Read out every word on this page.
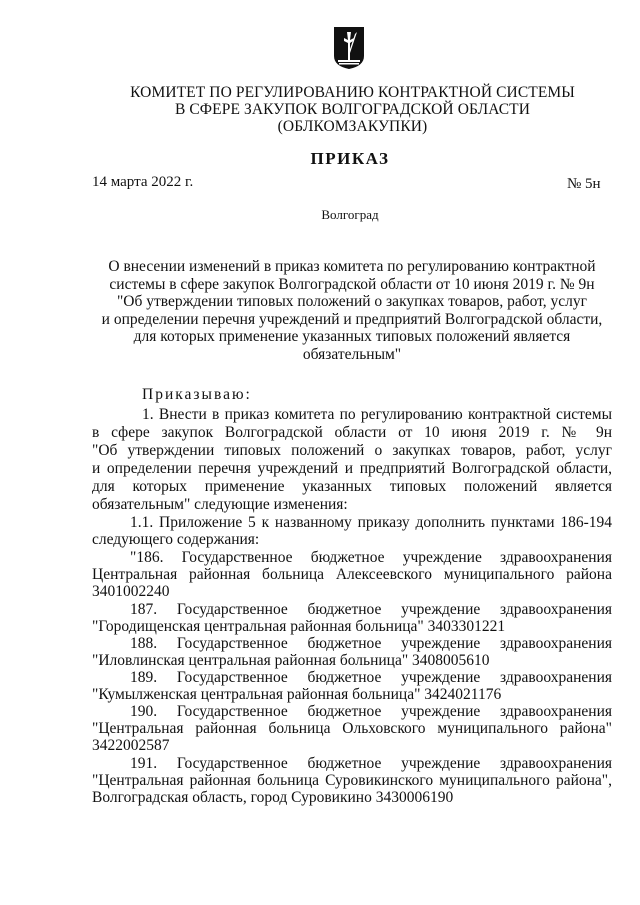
КОМИТЕТ ПО РЕГУЛИРОВАНИЮ КОНТРАКТНОЙ СИСТЕМЫ
В СФЕРЕ ЗАКУПОК ВОЛГОГРАДСКОЙ ОБЛАСТИ
(ОБЛКОМЗАКУПКИ)
ПРИКАЗ
14 марта 2022 г.	№ 5н
Волгоград
О внесении изменений в приказ комитета по регулированию контрактной
системы в сфере закупок Волгоградской области от 10 июня 2019 г. № 9н
"Об утверждении типовых положений о закупках товаров, работ, услуг
и определении перечня учреждений и предприятий Волгоградской области,
для которых применение указанных типовых положений является
обязательным"
Приказываю:
1. Внести в приказ комитета по регулированию контрактной системы
в сфере закупок Волгоградской области от 10 июня 2019 г. № 9н
"Об утверждении типовых положений о закупках товаров, работ, услуг
и определении перечня учреждений и предприятий Волгоградской области,
для которых применение указанных типовых положений является
обязательным" следующие изменения:
1.1. Приложение 5 к названному приказу дополнить пунктами 186-194
следующего содержания:
"186. Государственное бюджетное учреждение здравоохранения
Центральная районная больница Алексеевского муниципального района
3401002240
187. Государственное бюджетное учреждение здравоохранения
"Городищенская центральная районная больница" 3403301221
188. Государственное бюджетное учреждение здравоохранения
"Иловлинская центральная районная больница" 3408005610
189. Государственное бюджетное учреждение здравоохранения
"Кумылженская центральная районная больница" 3424021176
190. Государственное бюджетное учреждение здравоохранения
"Центральная районная больница Ольховского муниципального района"
3422002587
191. Государственное бюджетное учреждение здравоохранения
"Центральная районная больница Суровикинского муниципального района",
Волгоградская область, город Суровикино 3430006190
